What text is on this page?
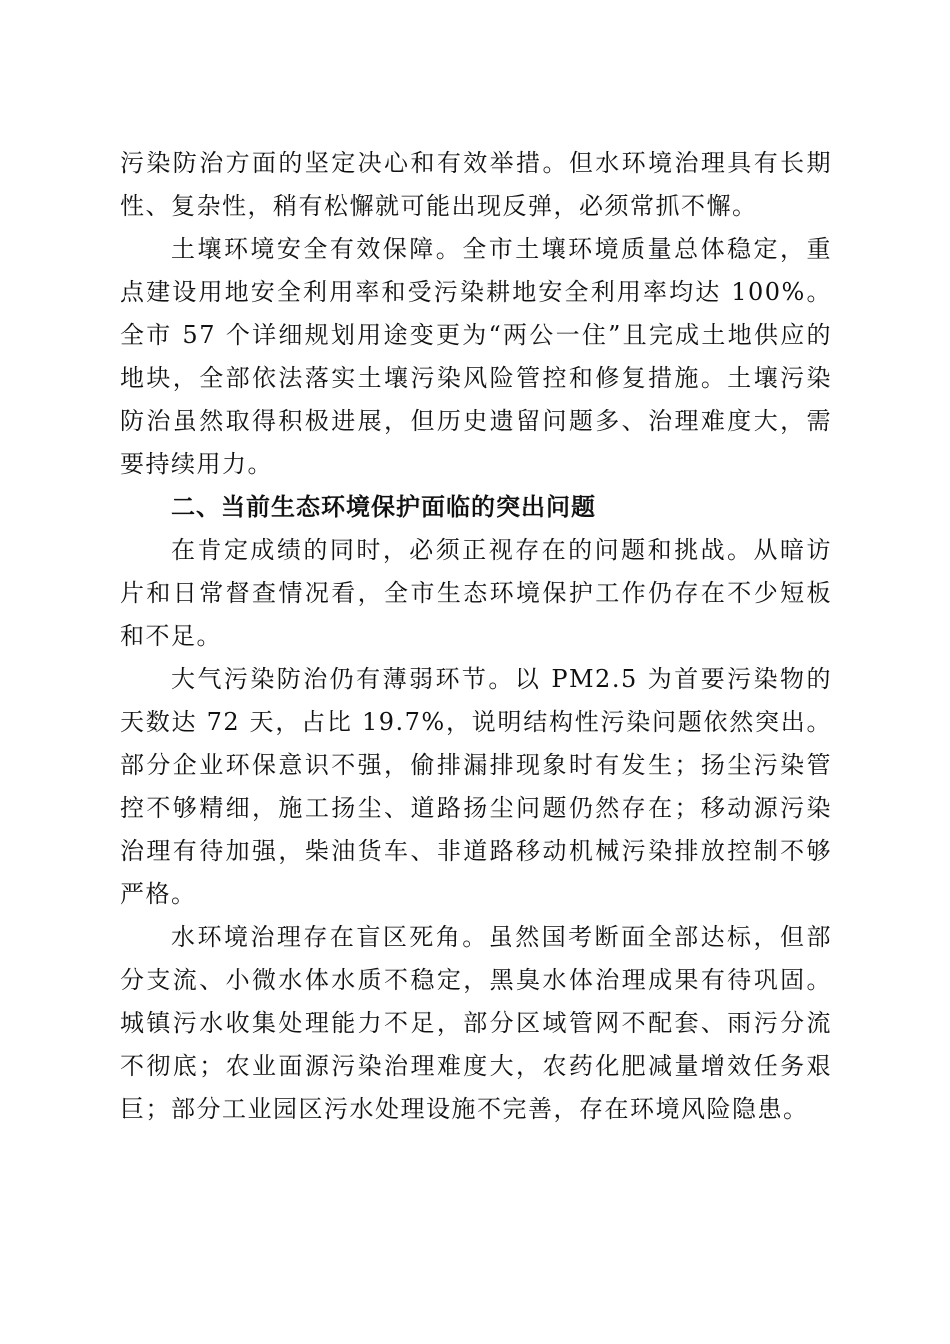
污染防治方面的坚定决心和有效举措。但水环境治理具有长期性、复杂性，稍有松懈就可能出现反弹，必须常抓不懈。

土壤环境安全有效保障。全市土壤环境质量总体稳定，重点建设用地安全利用率和受污染耕地安全利用率均达 100%。全市 57 个详细规划用途变更为“两公一住”且完成土地供应的地块，全部依法落实土壤污染风险管控和修复措施。土壤污染防治虽然取得积极进展，但历史遗留问题多、治理难度大，需要持续用力。

二、当前生态环境保护面临的突出问题

在肯定成绩的同时，必须正视存在的问题和挑战。从暗访片和日常督查情况看，全市生态环境保护工作仍存在不少短板和不足。

大气污染防治仍有薄弱环节。以 PM2.5 为首要污染物的天数达 72 天，占比 19.7%，说明结构性污染问题依然突出。部分企业环保意识不强，偷排漏排现象时有发生；扬尘污染管控不够精细，施工扬尘、道路扬尘问题仍然存在；移动源污染治理有待加强，柴油货车、非道路移动机械污染排放控制不够严格。

水环境治理存在盲区死角。虽然国考断面全部达标，但部分支流、小微水体水质不稳定，黑臭水体治理成果有待巩固。城镇污水收集处理能力不足，部分区域管网不配套、雨污分流不彻底；农业面源污染治理难度大，农药化肥减量增效任务艰巨；部分工业园区污水处理设施不完善，存在环境风险隐患。
